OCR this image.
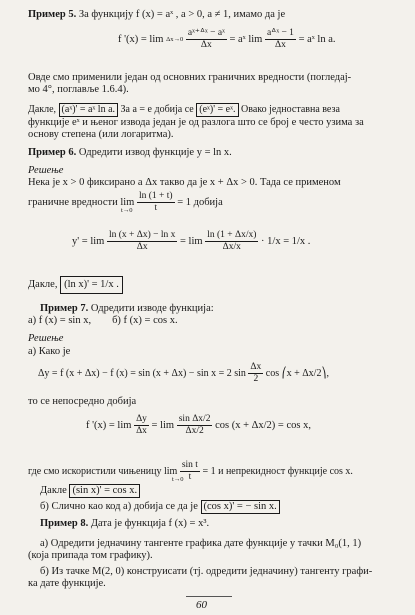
Пример 5. За функцију f (x) = aˣ , a > 0, a ≠ 1, имамо да је
f '(x) = lim Δx→0
$\frac{\text{aˣ⁺ᐞˣ − aˣ}}{\Delta x}$ = aˣ $\lim \frac{\text{aᐞˣ − 1}}{\Delta x}$ = aˣ ln a.
Овде смо применили један од основних граничних вредности (погледај-
мо 4°, поглавље 1.6.4).
Дакле, (aˣ)' = aˣ ln a. За a = e добија се (eˣ)' = eˣ. Овако једноставна веза
функције eˣ и њеног извода један је од разлога што се број e често узима за
основу степена (или логаритма).
Пример 6. Одредити извод функције y = ln x.
Решење
Нека је x > 0 фиксирано а Δx такво да је x + Δx > 0. Тада се применом
граничне вредности $\lim \frac{\ln (1 + t)}{t} = 1$ добија
t→0
$y' = \lim \frac{\text{ln (x + Δx) − ln x}}{\Delta x} = \lim \frac{\ln (1 + \Delta x/x)}{\Delta x/x} \cdot 1/x = 1/x$ .
Дакле, (ln x)' = 1/x .
Пример 7. Одредити изводе функција:
а) f (x) = sin x,        б) f (x) = cos x.
Решење
а) Како је
Δy = f (x + Δx) − f (x) = sin (x + Δx) − sin x = 2 $\sin \frac{\Delta x}{2}$ cos ⎛x + Δx/2⎞,
то се непосредно добија
f '$(x) = \lim \frac{\Delta y}{\Delta x} = \lim \frac{\text{sin Δx/2}}{\Delta x/2}$ cos (x + Δx/2) = cos x,
где смо искористили чињеницу $\lim \frac{\text{sin t}}{t} = 1$ и непрекидност функције cos x.
t→0
Дакле (sin x)' = cos x.
б) Слично као код а) добија се да је (cos x)' = − sin x.
Пример 8. Дата је функција f (x) = x³.
а) Одредити једначину тангенте графика дате функције у тачки M₀(1, 1)
(која припада том графику).
б) Из тачке M(2, 0) конструисати (тј. одредити једначину) тангенту графи-
ка дате функције.
60
